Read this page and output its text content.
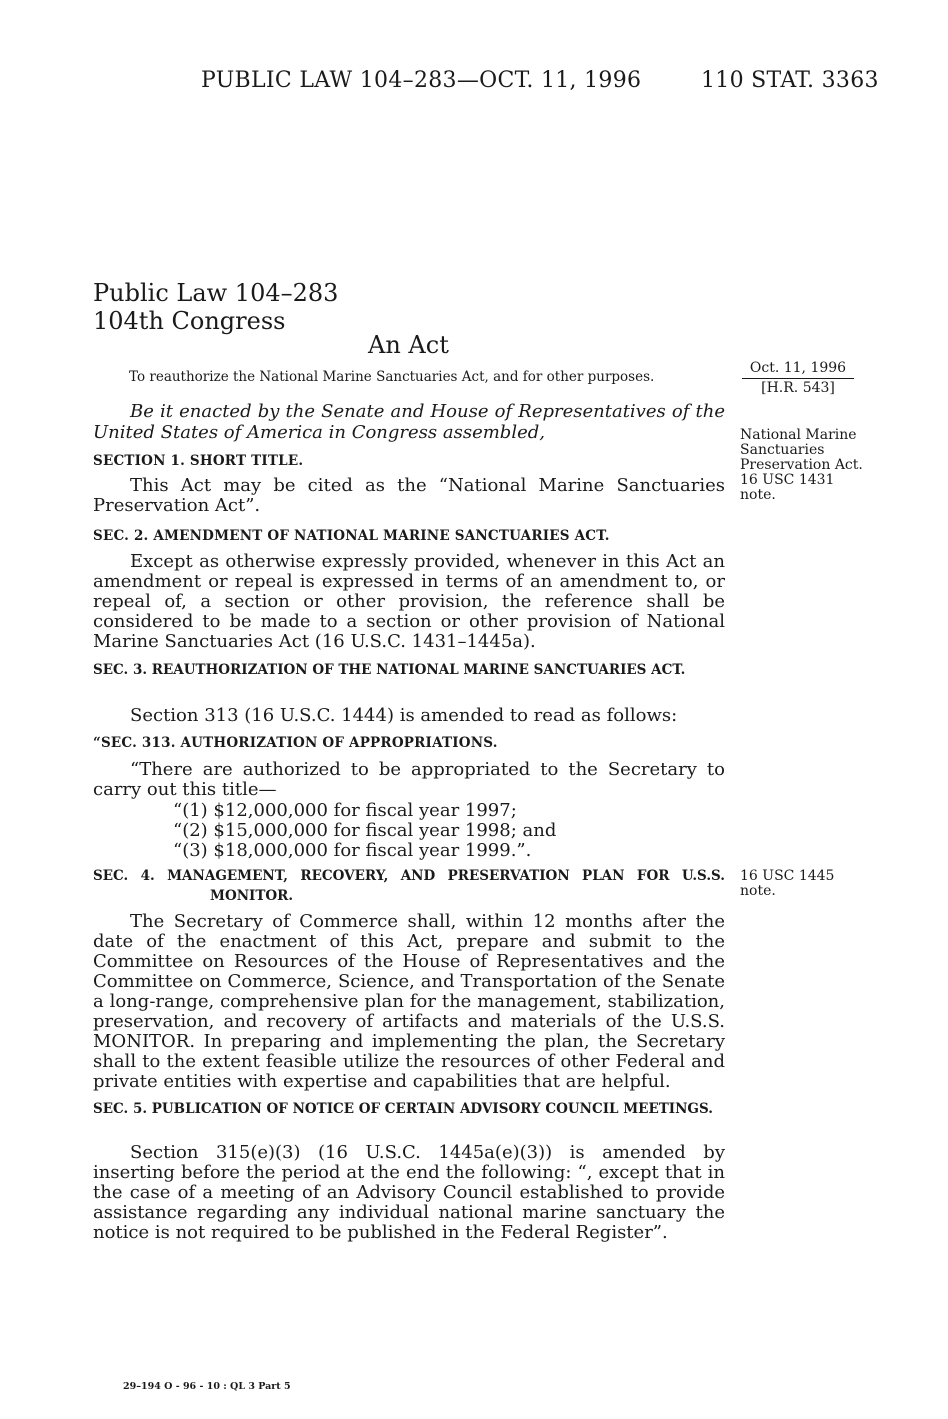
PUBLIC LAW 104–283—OCT. 11, 1996	110 STAT. 3363
Public Law 104–283
104th Congress
An Act
To reauthorize the National Marine Sanctuaries Act, and for other purposes.
Oct. 11, 1996
[H.R. 543]
Be it enacted by the Senate and House of Representatives of the United States of America in Congress assembled,
SECTION 1. SHORT TITLE.
This Act may be cited as the “National Marine Sanctuaries Preservation Act”.
National Marine
Sanctuaries
Preservation Act.
16 USC 1431
note.
SEC. 2. AMENDMENT OF NATIONAL MARINE SANCTUARIES ACT.
Except as otherwise expressly provided, whenever in this Act an amendment or repeal is expressed in terms of an amendment to, or repeal of, a section or other provision, the reference shall be considered to be made to a section or other provision of National Marine Sanctuaries Act (16 U.S.C. 1431–1445a).
SEC. 3. REAUTHORIZATION OF THE NATIONAL MARINE SANCTUARIES ACT.
Section 313 (16 U.S.C. 1444) is amended to read as follows:
“SEC. 313. AUTHORIZATION OF APPROPRIATIONS.
“There are authorized to be appropriated to the Secretary to carry out this title—
“(1) $12,000,000 for fiscal year 1997;
“(2) $15,000,000 for fiscal year 1998; and
“(3) $18,000,000 for fiscal year 1999.”.
SEC. 4. MANAGEMENT, RECOVERY, AND PRESERVATION PLAN FOR U.S.S. MONITOR.
16 USC 1445
note.
The Secretary of Commerce shall, within 12 months after the date of the enactment of this Act, prepare and submit to the Committee on Resources of the House of Representatives and the Committee on Commerce, Science, and Transportation of the Senate a long-range, comprehensive plan for the management, stabilization, preservation, and recovery of artifacts and materials of the U.S.S. MONITOR. In preparing and implementing the plan, the Secretary shall to the extent feasible utilize the resources of other Federal and private entities with expertise and capabilities that are helpful.
SEC. 5. PUBLICATION OF NOTICE OF CERTAIN ADVISORY COUNCIL MEETINGS.
Section 315(e)(3) (16 U.S.C. 1445a(e)(3)) is amended by inserting before the period at the end the following: “, except that in the case of a meeting of an Advisory Council established to provide assistance regarding any individual national marine sanctuary the notice is not required to be published in the Federal Register”.
29–194 O - 96 - 10 : QL 3 Part 5
